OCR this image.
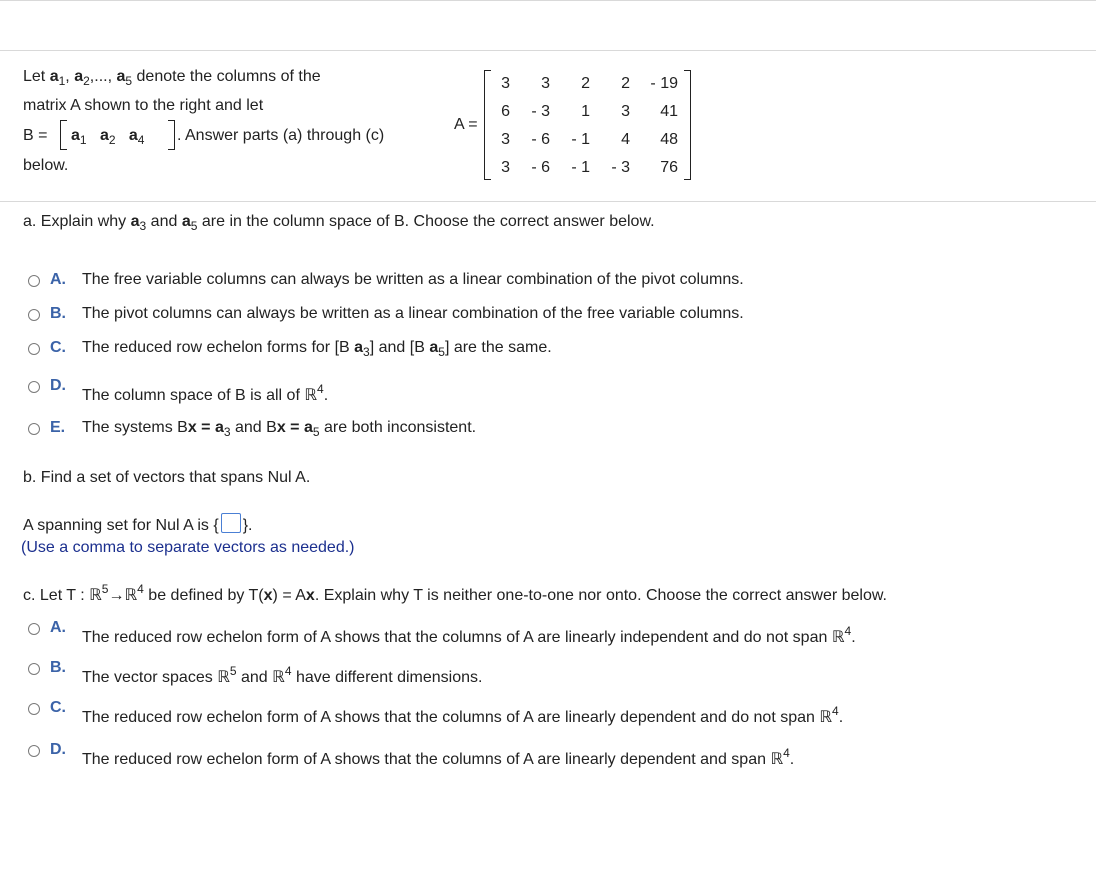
Let $a_1$, $a_2$,..., $a_5$ denote the columns of the
matrix A shown to the right and let
$B = a_1$ $a_2$ $a_4$ . Answer parts (a) through (c)
below.
A =
3	3	2	2	- 19
6	- 3	1	3	41
3	- 6	- 1	4	48
3	- 6	- 1	- 3	76
a. Explain why $a_3$ and $a_5$ are in the column space of B. Choose the correct answer below.
A. The free variable columns can always be written as a linear combination of the pivot columns.
B. The pivot columns can always be written as a linear combination of the free variable columns.
C. The reduced row echelon forms for [B $a_3$] and [B $a_5$] are the same.
D.
The column space of B is all of ℝ$^4$.
E. The systems $Bx = a_3$ and $Bx = a_5$ are both inconsistent.
b. Find a set of vectors that spans Nul A.
A spanning set for Nul A is { }.
(Use a comma to separate vectors as needed.)
c. Let T : ℝ$^5$→ℝ$^4$ be defined by T(x) = Ax. Explain why T is neither one-to-one nor onto. Choose the correct answer below.
A.
The reduced row echelon form of A shows that the columns of A are linearly independent and do not span ℝ$^4$.
B.
The vector spaces ℝ$^5$ and ℝ$^4$ have different dimensions.
C.
The reduced row echelon form of A shows that the columns of A are linearly dependent and do not span ℝ$^4$.
D.
The reduced row echelon form of A shows that the columns of A are linearly dependent and span ℝ$^4$.
